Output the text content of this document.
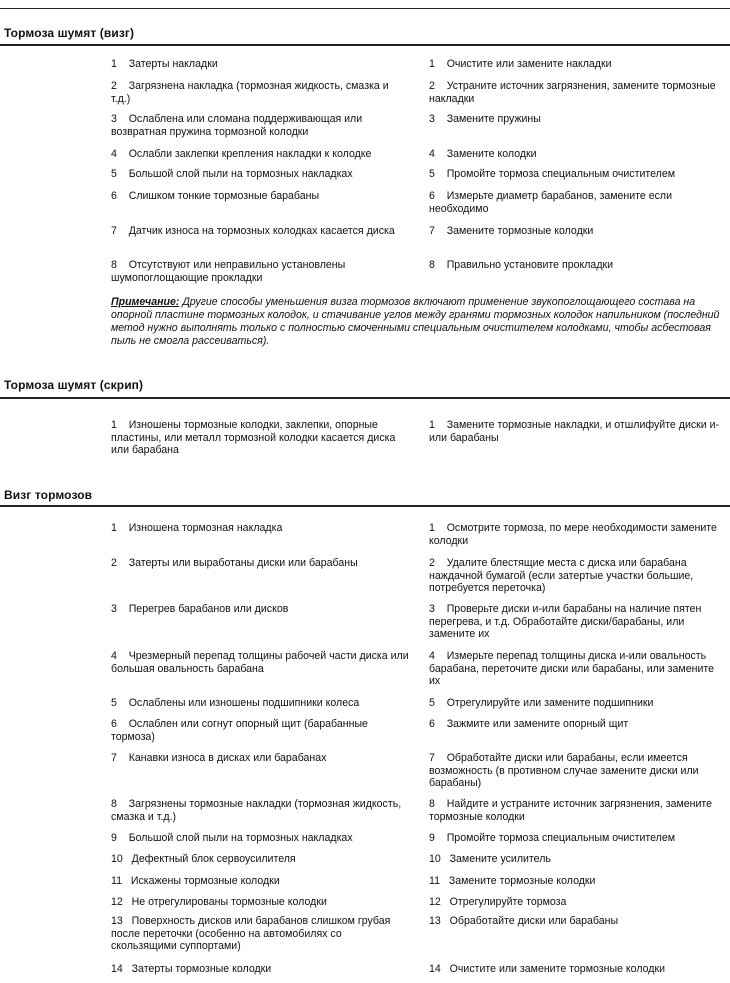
Тормоза шумят (визг)
1 Затерты накладки	1 Очистите или замените накладки
2 Загрязнена накладка (тормозная жидкость, смазка и т.д.)
2 Устраните источник загрязнения, замените тормозные накладки
3 Ослаблена или сломана поддерживающая или возвратная пружина тормозной колодки
3 Замените пружины
4 Ослабли заклепки крепления накладки к колодке	4 Замените колодки
5 Большой слой пыли на тормозных накладках	5 Промойте тормоза специальным очистителем
6 Слишком тонкие тормозные барабаны	6 Измерьте диаметр барабанов, замените если необходимо
7 Датчик износа на тормозных колодках касается диска	7 Замените тормозные колодки
8 Отсутствуют или неправильно установлены шумопоглощающие прокладки
8 Правильно установите прокладки
Примечание: Другие способы уменьшения визга тормозов включают применение звукопоглощающего состава на опорной пластине тормозных колодок, и стачивание углов между гранями тормозных колодок напильником (последний метод нужно выполнять только с полностью смоченными специальным очистителем колодками, чтобы асбестовая пыль не смогла рассеиваться).
Тормоза шумят (скрип)
1 Изношены тормозные колодки, заклепки, опорные пластины, или металл тормозной колодки касается диска или барабана
1 Замените тормозные накладки, и отшлифуйте диски и-или барабаны
Визг тормозов
1 Изношена тормозная накладка	1 Осмотрите тормоза, по мере необходимости замените колодки
2 Затерты или выработаны диски или барабаны	2 Удалите блестящие места с диска или барабана наждачной бумагой (если затертые участки большие, потребуется переточка)
3 Перегрев барабанов или дисков	3 Проверьте диски и-или барабаны на наличие пятен перегрева, и т.д. Обработайте диски/барабаны, или замените их
4 Чрезмерный перепад толщины рабочей части диска или большая овальность барабана
4 Измерьте перепад толщины диска и-или овальность барабана, переточите диски или барабаны, или замените их
5 Ослаблены или изношены подшипники колеса	5 Отрегулируйте или замените подшипники
6 Ослаблен или согнут опорный щит (барабанные тормоза)
6 Зажмите или замените опорный щит
7 Канавки износа в дисках или барабанах	7 Обработайте диски или барабаны, если имеется возможность (в противном случае замените диски или барабаны)
8 Загрязнены тормозные накладки (тормозная жидкость, смазка и т.д.)
8 Найдите и устраните источник загрязнения, замените тормозные колодки
9 Большой слой пыли на тормозных накладках	9 Промойте тормоза специальным очистителем
10 Дефектный блок сервоусилителя	10 Замените усилитель
11 Искажены тормозные колодки	11 Замените тормозные колодки
12 Не отрегулированы тормозные колодки	12 Отрегулируйте тормоза
13 Поверхность дисков или барабанов слишком грубая после переточки (особенно на автомобилях со скользящими суппортами)
13 Обработайте диски или барабаны
14 Затерты тормозные колодки	14 Очистите или замените тормозные колодки
